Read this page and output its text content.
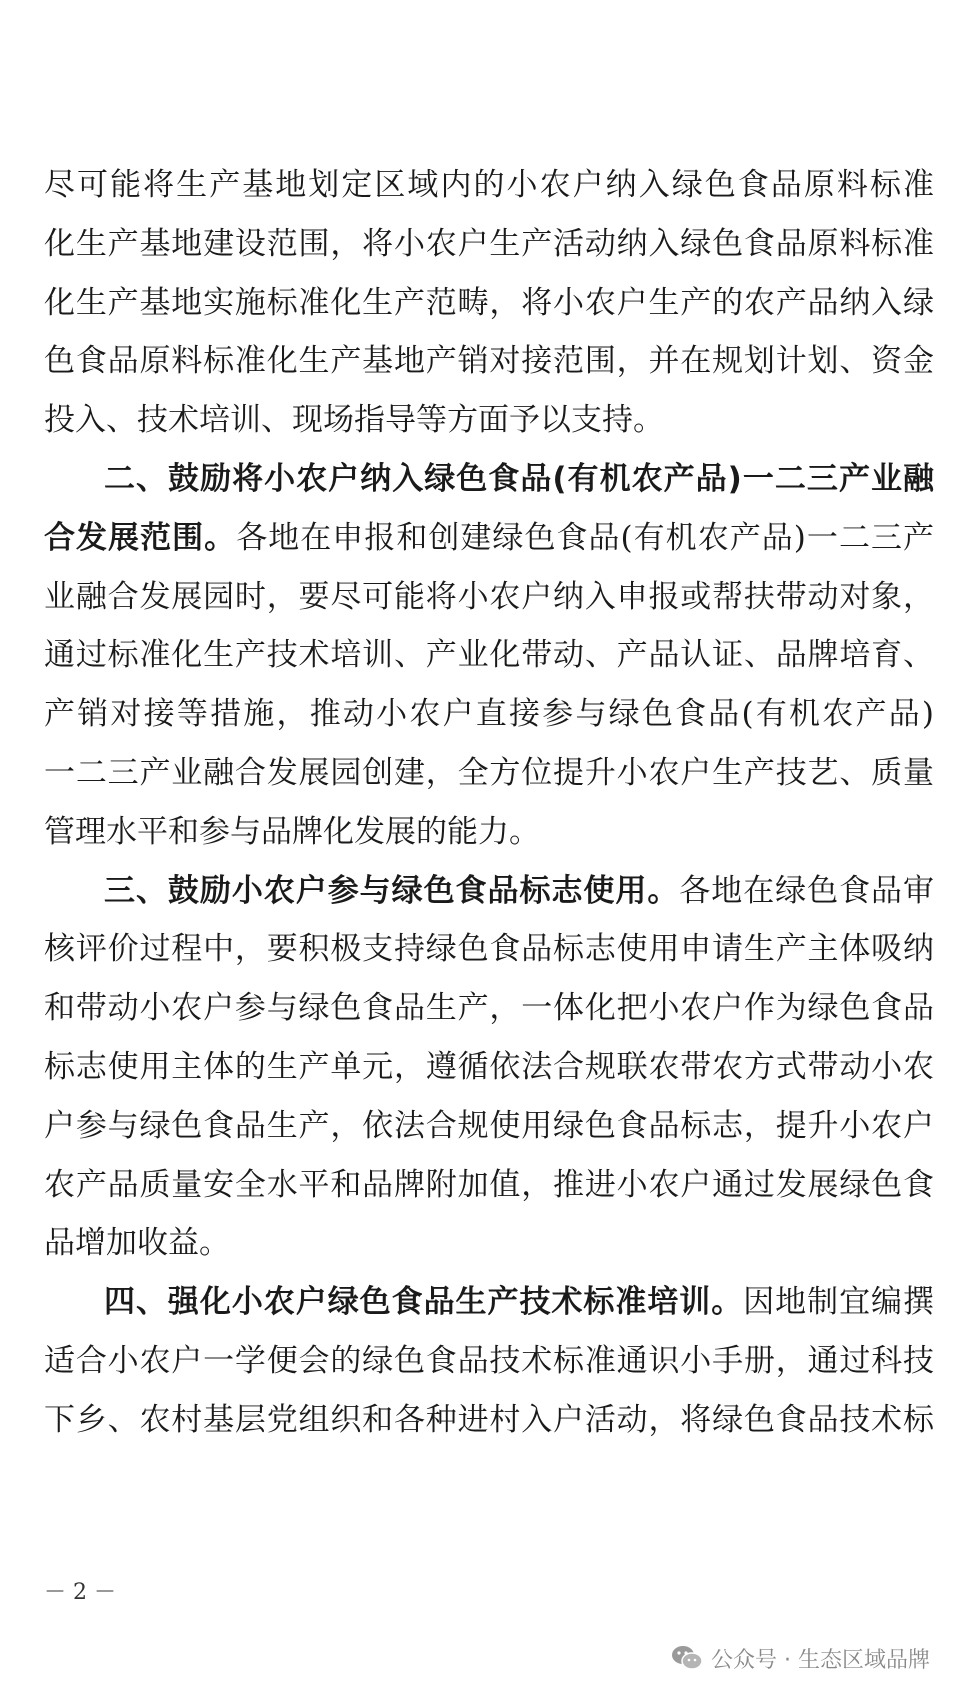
尽可能将生产基地划定区域内的小农户纳入绿色食品原料标准
化生产基地建设范围，将小农户生产活动纳入绿色食品原料标准
化生产基地实施标准化生产范畴，将小农户生产的农产品纳入绿
色食品原料标准化生产基地产销对接范围，并在规划计划、资金
投入、技术培训、现场指导等方面予以支持。
二、鼓励将小农户纳入绿色食品(有机农产品)一二三产业融
合发展范围。各地在申报和创建绿色食品(有机农产品)一二三产
业融合发展园时，要尽可能将小农户纳入申报或帮扶带动对象，
通过标准化生产技术培训、产业化带动、产品认证、品牌培育、
产销对接等措施，推动小农户直接参与绿色食品(有机农产品)
一二三产业融合发展园创建，全方位提升小农户生产技艺、质量
管理水平和参与品牌化发展的能力。
三、鼓励小农户参与绿色食品标志使用。各地在绿色食品审
核评价过程中，要积极支持绿色食品标志使用申请生产主体吸纳
和带动小农户参与绿色食品生产，一体化把小农户作为绿色食品
标志使用主体的生产单元，遵循依法合规联农带农方式带动小农
户参与绿色食品生产，依法合规使用绿色食品标志，提升小农户
农产品质量安全水平和品牌附加值，推进小农户通过发展绿色食
品增加收益。
四、强化小农户绿色食品生产技术标准培训。因地制宜编撰
适合小农户一学便会的绿色食品技术标准通识小手册，通过科技
下乡、农村基层党组织和各种进村入户活动，将绿色食品技术标
－ 2 －
公众号 · 生态区域品牌
